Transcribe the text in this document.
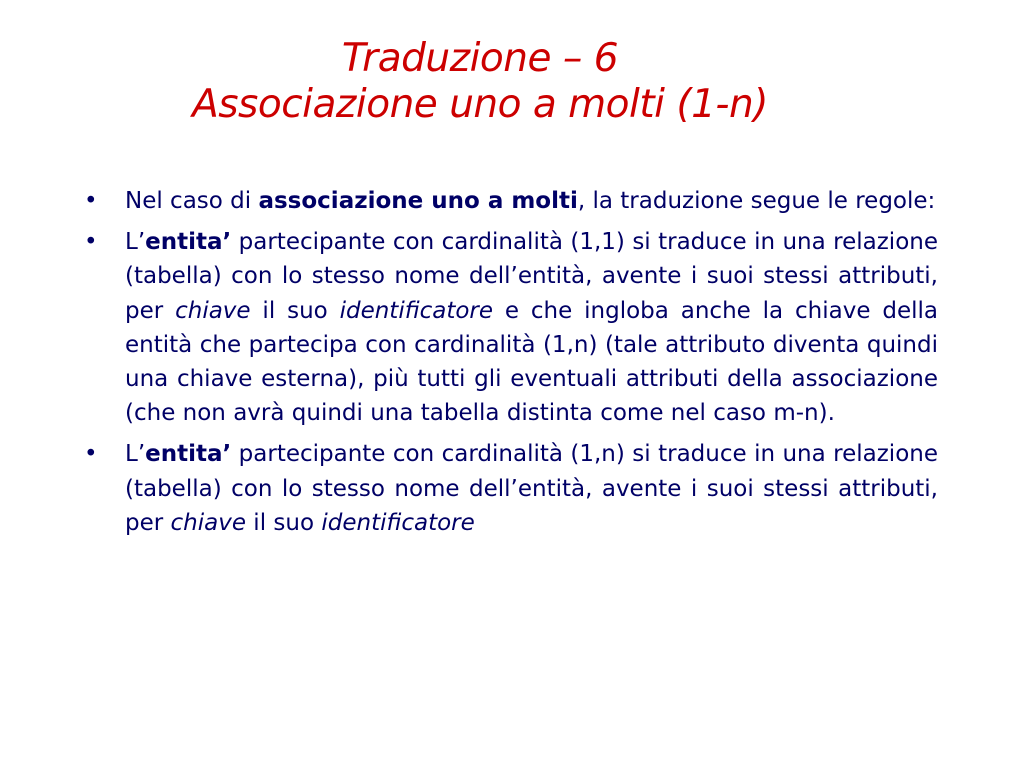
Traduzione – 6
Associazione uno a molti (1-n)
• Nel caso di associazione uno a molti, la traduzione segue le regole:
• L’entita’ partecipante con cardinalità (1,1) si traduce in una relazione (tabella) con lo stesso nome dell’entità, avente i suoi stessi attributi, per chiave il suo identificatore e che ingloba anche la chiave della entità che partecipa con cardinalità (1,n) (tale attributo diventa quindi una chiave esterna), più tutti gli eventuali attributi della associazione (che non avrà quindi una tabella distinta come nel caso m-n).
• L’entita’ partecipante con cardinalità (1,n) si traduce in una relazione (tabella) con lo stesso nome dell’entità, avente i suoi stessi attributi, per chiave il suo identificatore
